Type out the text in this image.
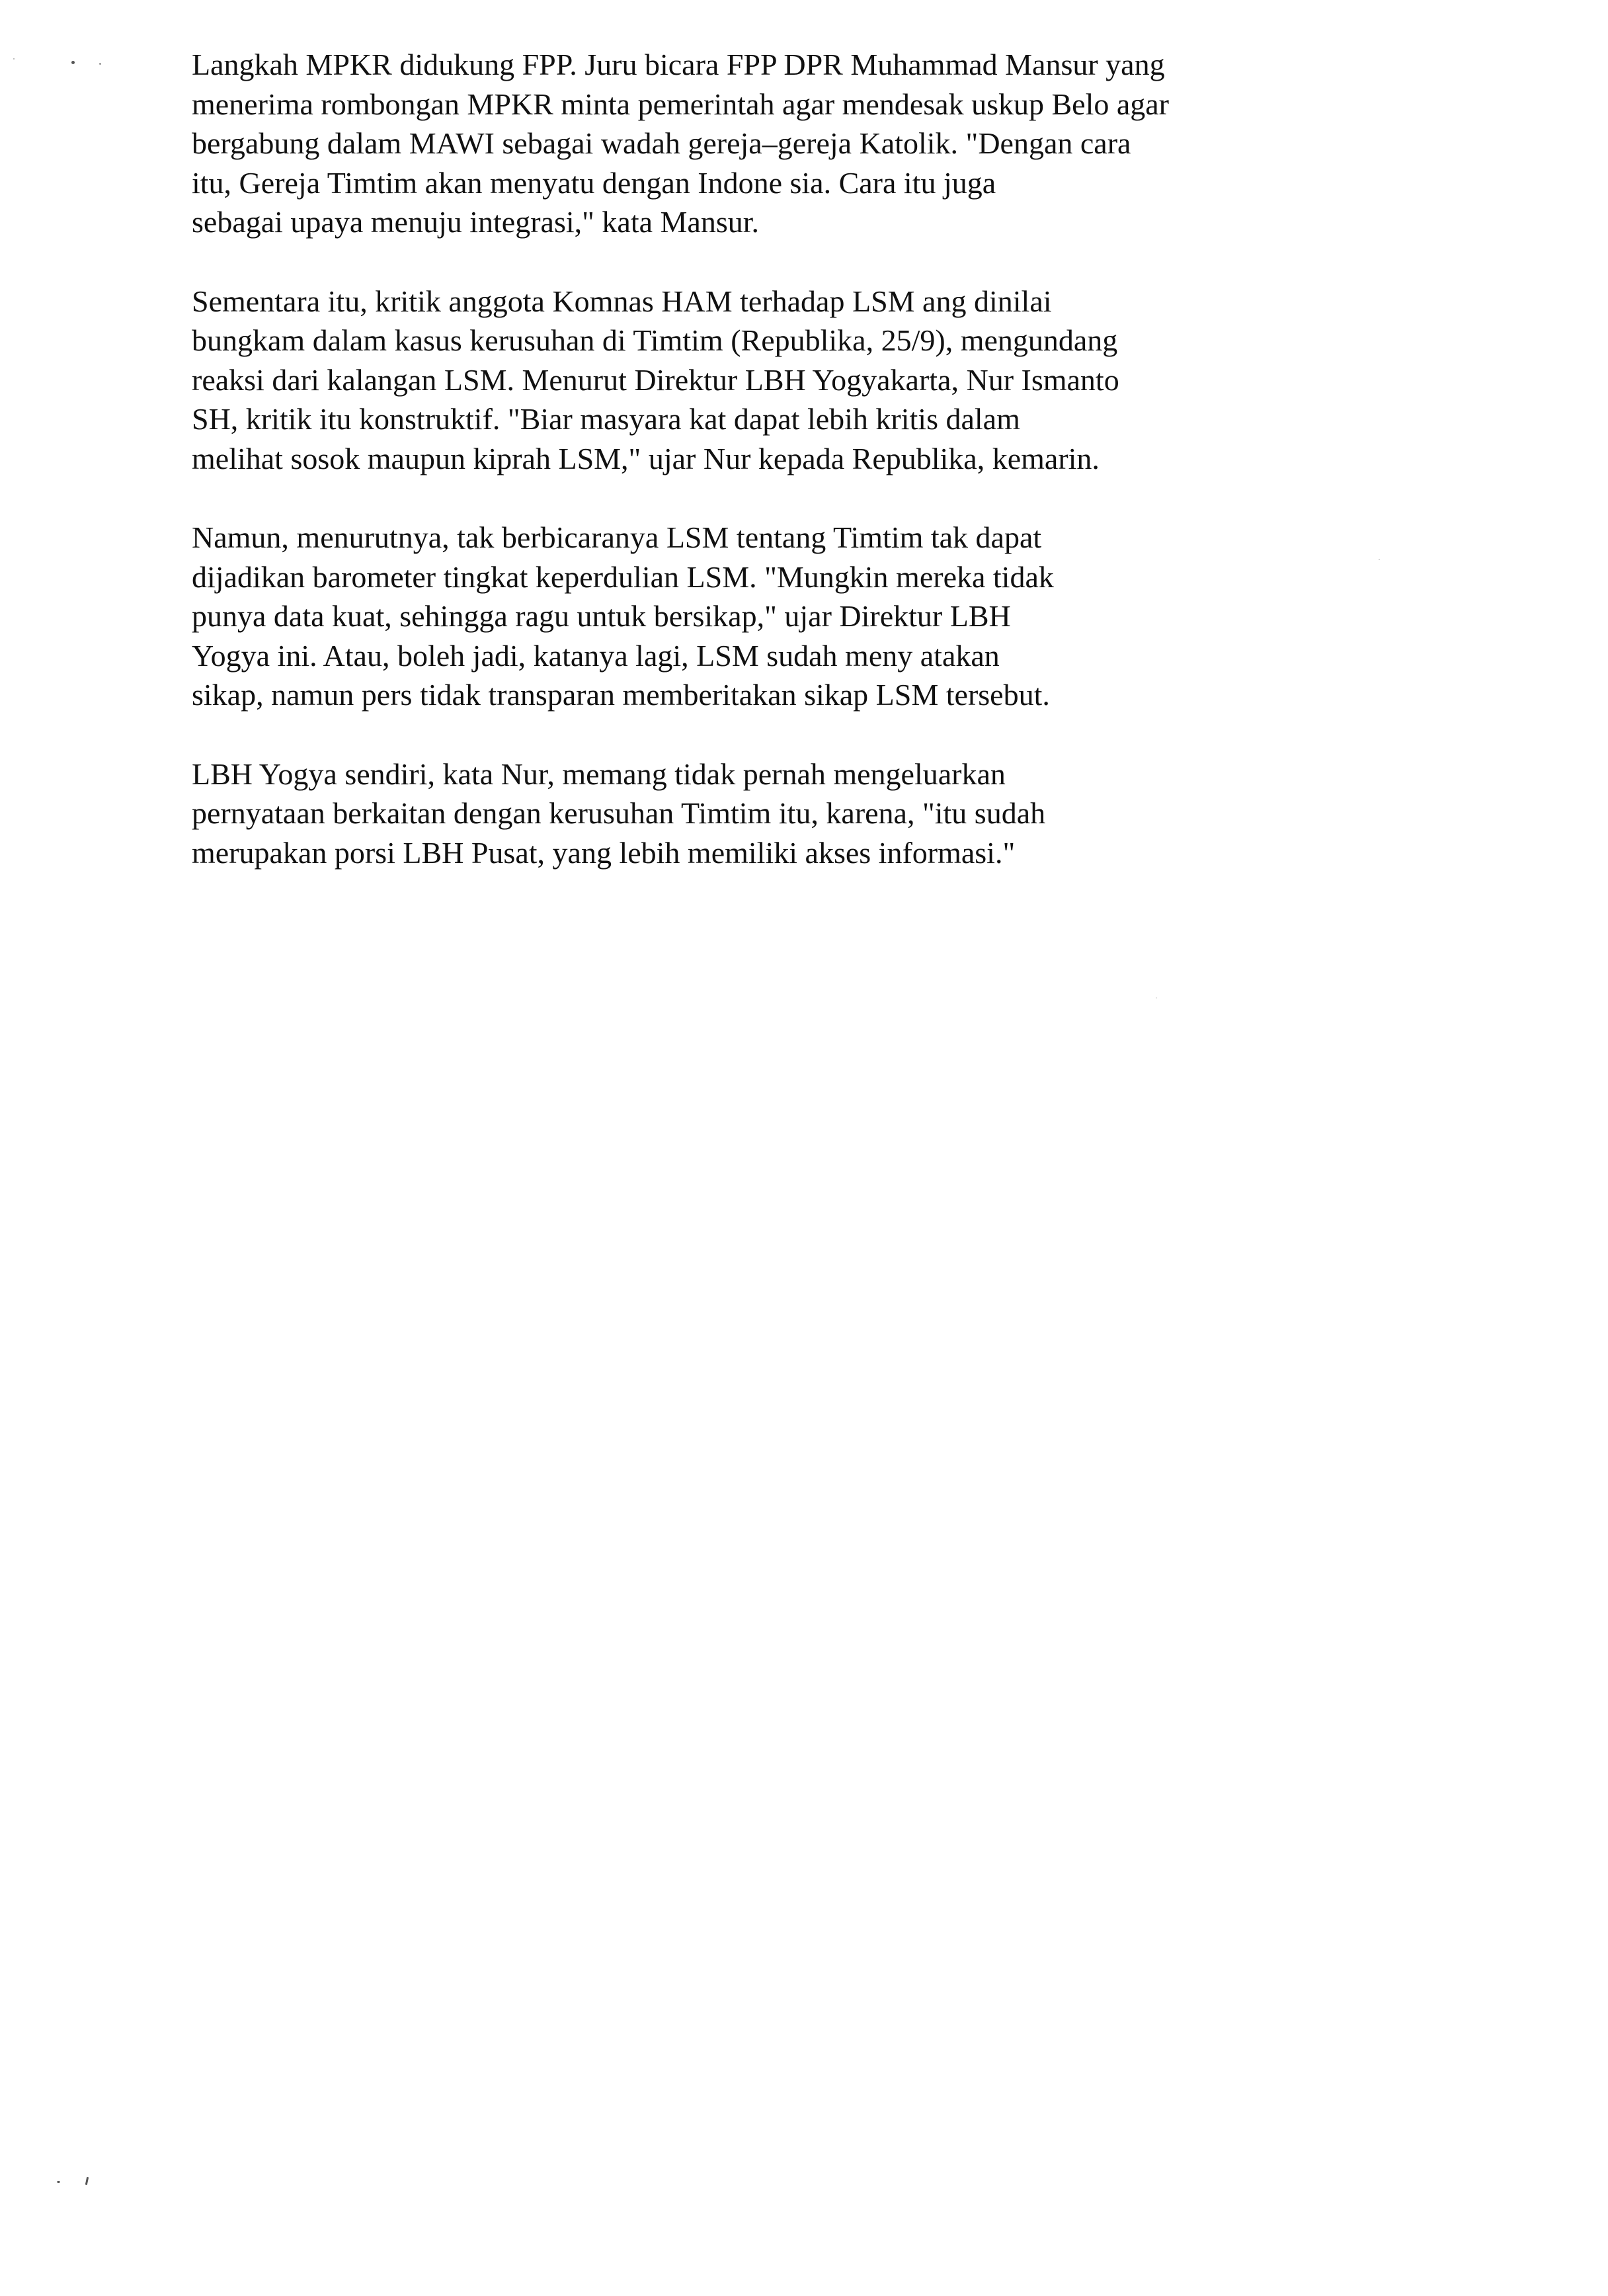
Langkah MPKR didukung FPP. Juru bicara FPP DPR Muhammad Mansur yang
menerima rombongan MPKR minta pemerintah agar mendesak uskup Belo agar
bergabung dalam MAWI sebagai wadah gereja–gereja Katolik. "Dengan cara
itu, Gereja Timtim akan menyatu dengan Indone sia. Cara itu juga
sebagai upaya menuju integrasi," kata Mansur.

Sementara itu, kritik anggota Komnas HAM terhadap LSM ang dinilai
bungkam dalam kasus kerusuhan di Timtim (Republika, 25/9), mengundang
reaksi dari kalangan LSM. Menurut Direktur LBH Yogyakarta, Nur Ismanto
SH, kritik itu konstruktif. "Biar masyara kat dapat lebih kritis dalam
melihat sosok maupun kiprah LSM," ujar Nur kepada Republika, kemarin.

Namun, menurutnya, tak berbicaranya LSM tentang Timtim tak dapat
dijadikan barometer tingkat keperdulian LSM. "Mungkin mereka tidak
punya data kuat, sehingga ragu untuk bersikap," ujar Direktur LBH
Yogya ini. Atau, boleh jadi, katanya lagi, LSM sudah meny atakan
sikap, namun pers tidak transparan memberitakan sikap LSM tersebut.

LBH Yogya sendiri, kata Nur, memang tidak pernah mengeluarkan
pernyataan berkaitan dengan kerusuhan Timtim itu, karena, "itu sudah
merupakan porsi LBH Pusat, yang lebih memiliki akses informasi."
